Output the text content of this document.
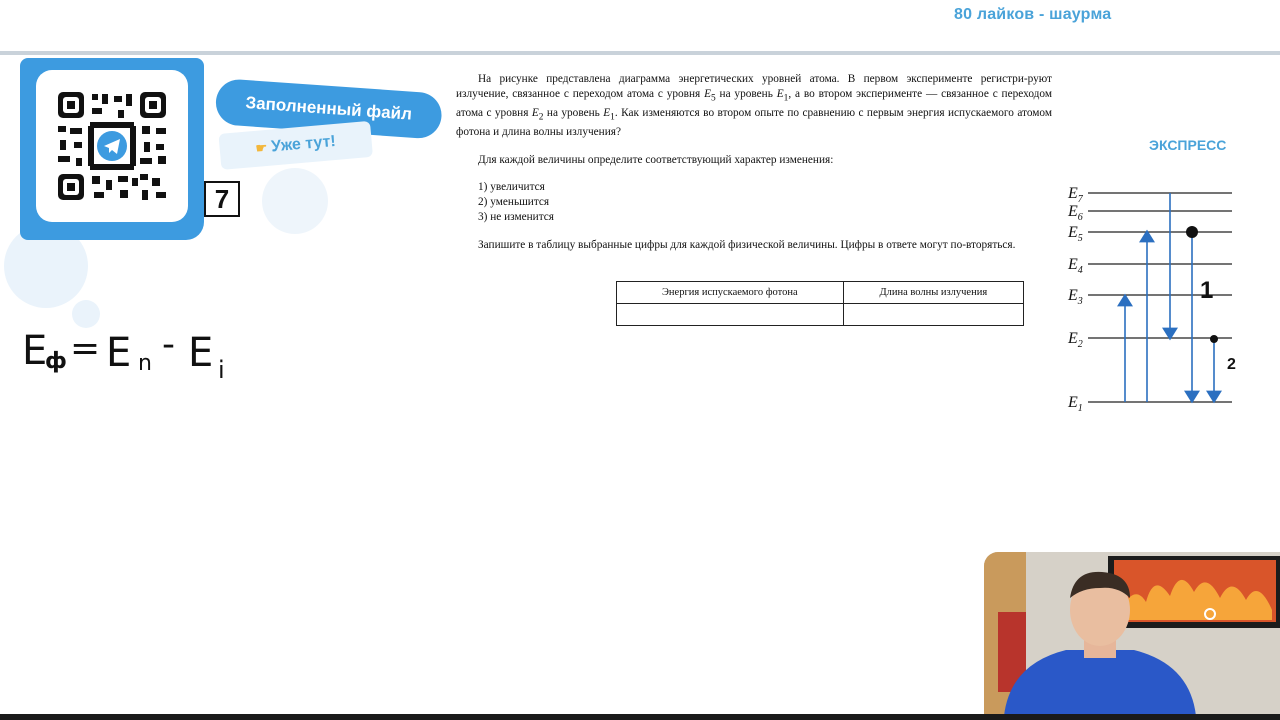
80 лайков - шаурма
Заполненный файл
☛ Уже тут!
7

На рисунке представлена диаграмма энергетических уровней атома. В первом эксперименте регистри-руют излучение, связанное с переходом атома с уровня $E_5$ на уровень $E_1$, а во втором эксперименте — связанное с переходом атома с уровня $E_2$ на уровень $E_1$. Как изменяются во втором опыте по сравнению с первым энергия испускаемого атомом фотона и длина волны излучения?

Для каждой величины определите соответствующий характер изменения:

1) увеличится

2) уменьшится

3) не изменится

Запишите в таблицу выбранные цифры для каждой физической величины. Цифры в ответе могут по-вторяться.

Энергия испускаемого фотона	Длина волны излучения

ЭКСПРЕСС
$E_7$
$E_6$
$E_5$
$E_4$
$E_3$
$E_2$
$E_1$
1
2
E
ф = E n - E i
